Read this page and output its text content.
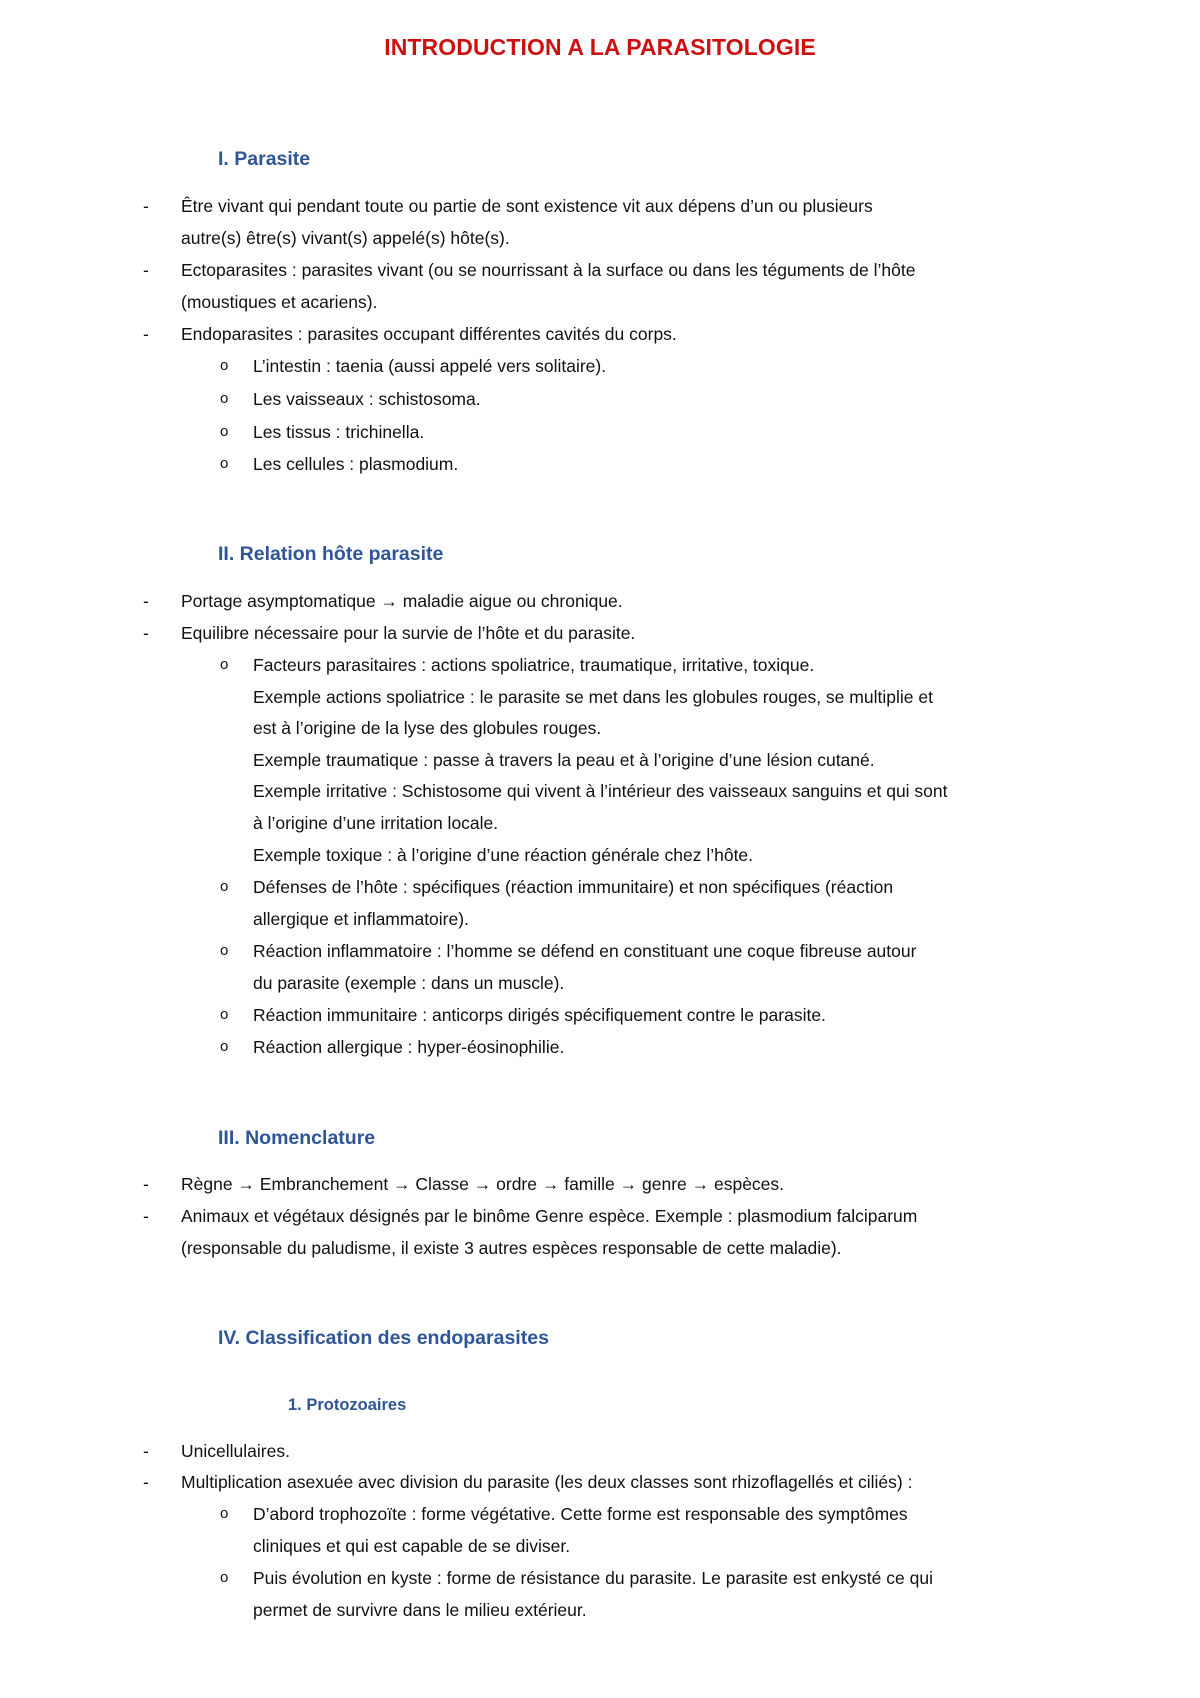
INTRODUCTION A LA PARASITOLOGIE
I. Parasite
- Être vivant qui pendant toute ou partie de sont existence vit aux dépens d’un ou plusieurs
autre(s) être(s) vivant(s) appelé(s) hôte(s).
- Ectoparasites : parasites vivant (ou se nourrissant à la surface ou dans les téguments de l’hôte
(moustiques et acariens).
- Endoparasites : parasites occupant différentes cavités du corps.
o L’intestin : taenia (aussi appelé vers solitaire).
o Les vaisseaux : schistosoma.
o Les tissus : trichinella.
o Les cellules : plasmodium.
II. Relation hôte parasite
- Portage asymptomatique → maladie aigue ou chronique.
- Equilibre nécessaire pour la survie de l’hôte et du parasite.
o Facteurs parasitaires : actions spoliatrice, traumatique, irritative, toxique.
Exemple actions spoliatrice : le parasite se met dans les globules rouges, se multiplie et
est à l’origine de la lyse des globules rouges.
Exemple traumatique : passe à travers la peau et à l’origine d’une lésion cutané.
Exemple irritative : Schistosome qui vivent à l’intérieur des vaisseaux sanguins et qui sont
à l’origine d’une irritation locale.
Exemple toxique : à l’origine d’une réaction générale chez l’hôte.
o Défenses de l’hôte : spécifiques (réaction immunitaire) et non spécifiques (réaction
allergique et inflammatoire).
o Réaction inflammatoire : l’homme se défend en constituant une coque fibreuse autour
du parasite (exemple : dans un muscle).
o Réaction immunitaire : anticorps dirigés spécifiquement contre le parasite.
o Réaction allergique : hyper-éosinophilie.
III. Nomenclature
- Règne → Embranchement → Classe → ordre → famille → genre → espèces.
- Animaux et végétaux désignés par le binôme Genre espèce. Exemple : plasmodium falciparum
(responsable du paludisme, il existe 3 autres espèces responsable de cette maladie).
IV. Classification des endoparasites
1. Protozoaires
- Unicellulaires.
- Multiplication asexuée avec division du parasite (les deux classes sont rhizoflagellés et ciliés) :
o D’abord trophozoïte : forme végétative. Cette forme est responsable des symptômes
cliniques et qui est capable de se diviser.
o Puis évolution en kyste : forme de résistance du parasite. Le parasite est enkysté ce qui
permet de survivre dans le milieu extérieur.
